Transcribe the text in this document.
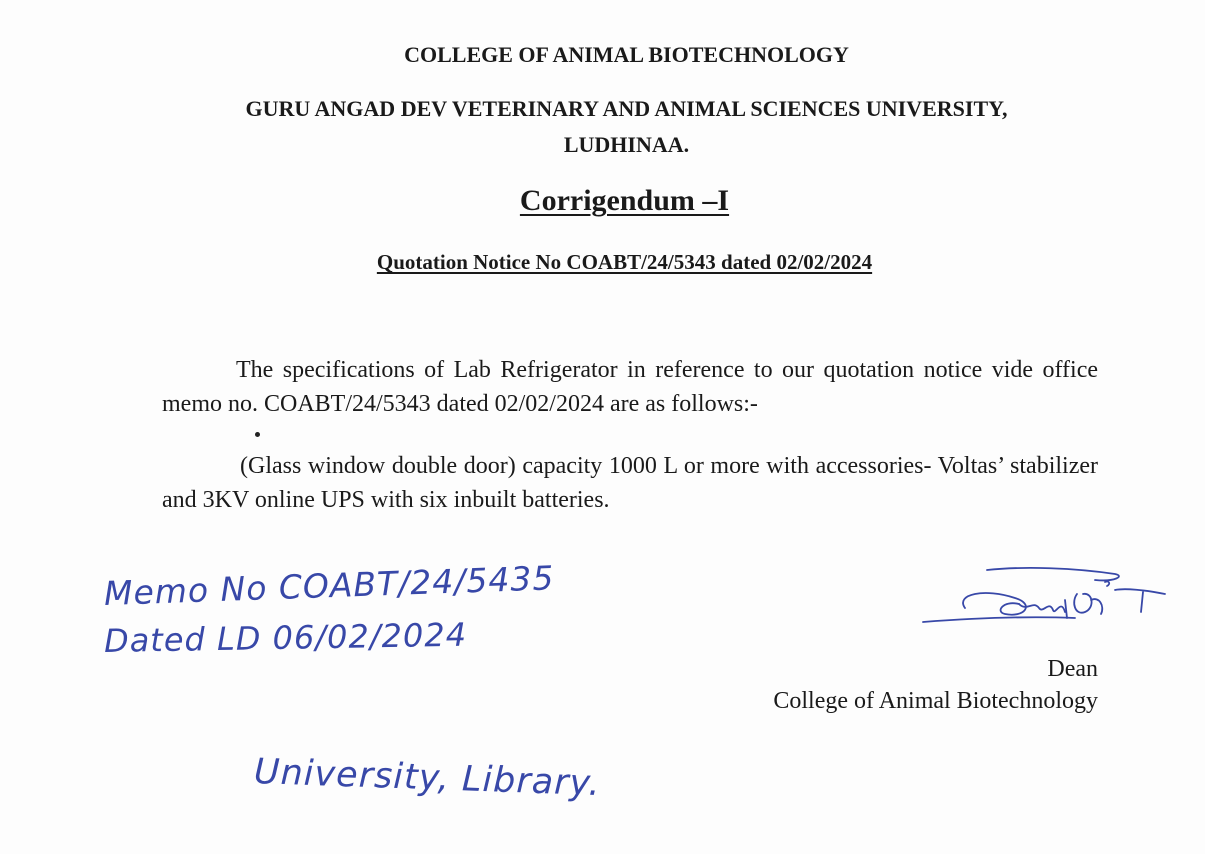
COLLEGE OF ANIMAL BIOTECHNOLOGY
GURU ANGAD DEV VETERINARY AND ANIMAL SCIENCES UNIVERSITY,
LUDHINAA.
Corrigendum –I
Quotation Notice No COABT/24/5343 dated 02/02/2024
The specifications of Lab Refrigerator in reference to our quotation notice vide office memo no. COABT/24/5343 dated 02/02/2024 are as follows:-
(Glass window double door) capacity 1000 L or more with accessories- Voltas’ stabilizer and 3KV online UPS with six inbuilt batteries.
Memo No COABT/24/5435
Dated LD 06/02/2024
Dean
College of Animal Biotechnology
University, Library.
